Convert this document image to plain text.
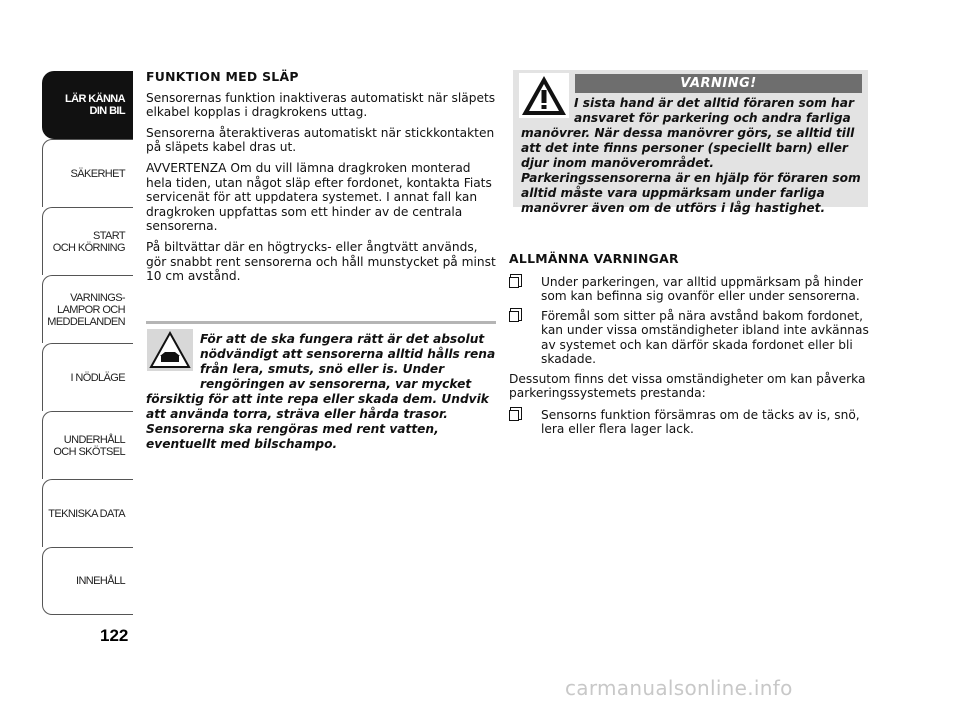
LÄR KÄNNA
DIN BIL
SÄKERHET
START
OCH KÖRNING
VARNINGS-
LAMPOR OCH
MEDDELANDEN
I NÖDLÄGE
UNDERHÅLL
OCH SKÖTSEL
TEKNISKA DATA
INNEHÅLL
122
FUNKTION MED SLÄP

Sensorernas funktion inaktiveras automatiskt när släpets elkabel kopplas i dragkrokens uttag.

Sensorerna återaktiveras automatiskt när stickkontakten på släpets kabel dras ut.

AVVERTENZA Om du vill lämna dragkroken monterad hela tiden, utan något släp efter fordonet, kontakta Fiats servicenät för att uppdatera systemet. I annat fall kan dragkroken uppfattas som ett hinder av de centrala sensorerna.

På biltvättar där en högtrycks- eller ångtvätt används, gör snabbt rent sensorerna och håll munstycket på minst 10 cm avstånd.

För att de ska fungera rätt är det absolut nödvändigt att sensorerna alltid hålls rena från lera, smuts, snö eller is. Under rengöringen av sensorerna, var mycket försiktig för att inte repa eller skada dem. Undvik att använda torra, sträva eller hårda trasor. Sensorerna ska rengöras med rent vatten, eventuellt med bilschampo.
VARNING!
I sista hand är det alltid föraren som har ansvaret för parkering och andra farliga manövrer. När dessa manövrer görs, se alltid till att det inte finns personer (speciellt barn) eller djur inom manöverområdet. Parkeringssensorerna är en hjälp för föraren som alltid måste vara uppmärksam under farliga manövrer även om de utförs i låg hastighet.
ALLMÄNNA VARNINGAR
Under parkeringen, var alltid uppmärksam på hinder som kan befinna sig ovanför eller under sensorerna.
Föremål som sitter på nära avstånd bakom fordonet, kan under vissa omständigheter ibland inte avkännas av systemet och kan därför skada fordonet eller bli skadade.

Dessutom finns det vissa omständigheter om kan påverka parkeringssystemets prestanda:

Sensorns funktion försämras om de täcks av is, snö, lera eller flera lager lack.
carmanualsonline.info
